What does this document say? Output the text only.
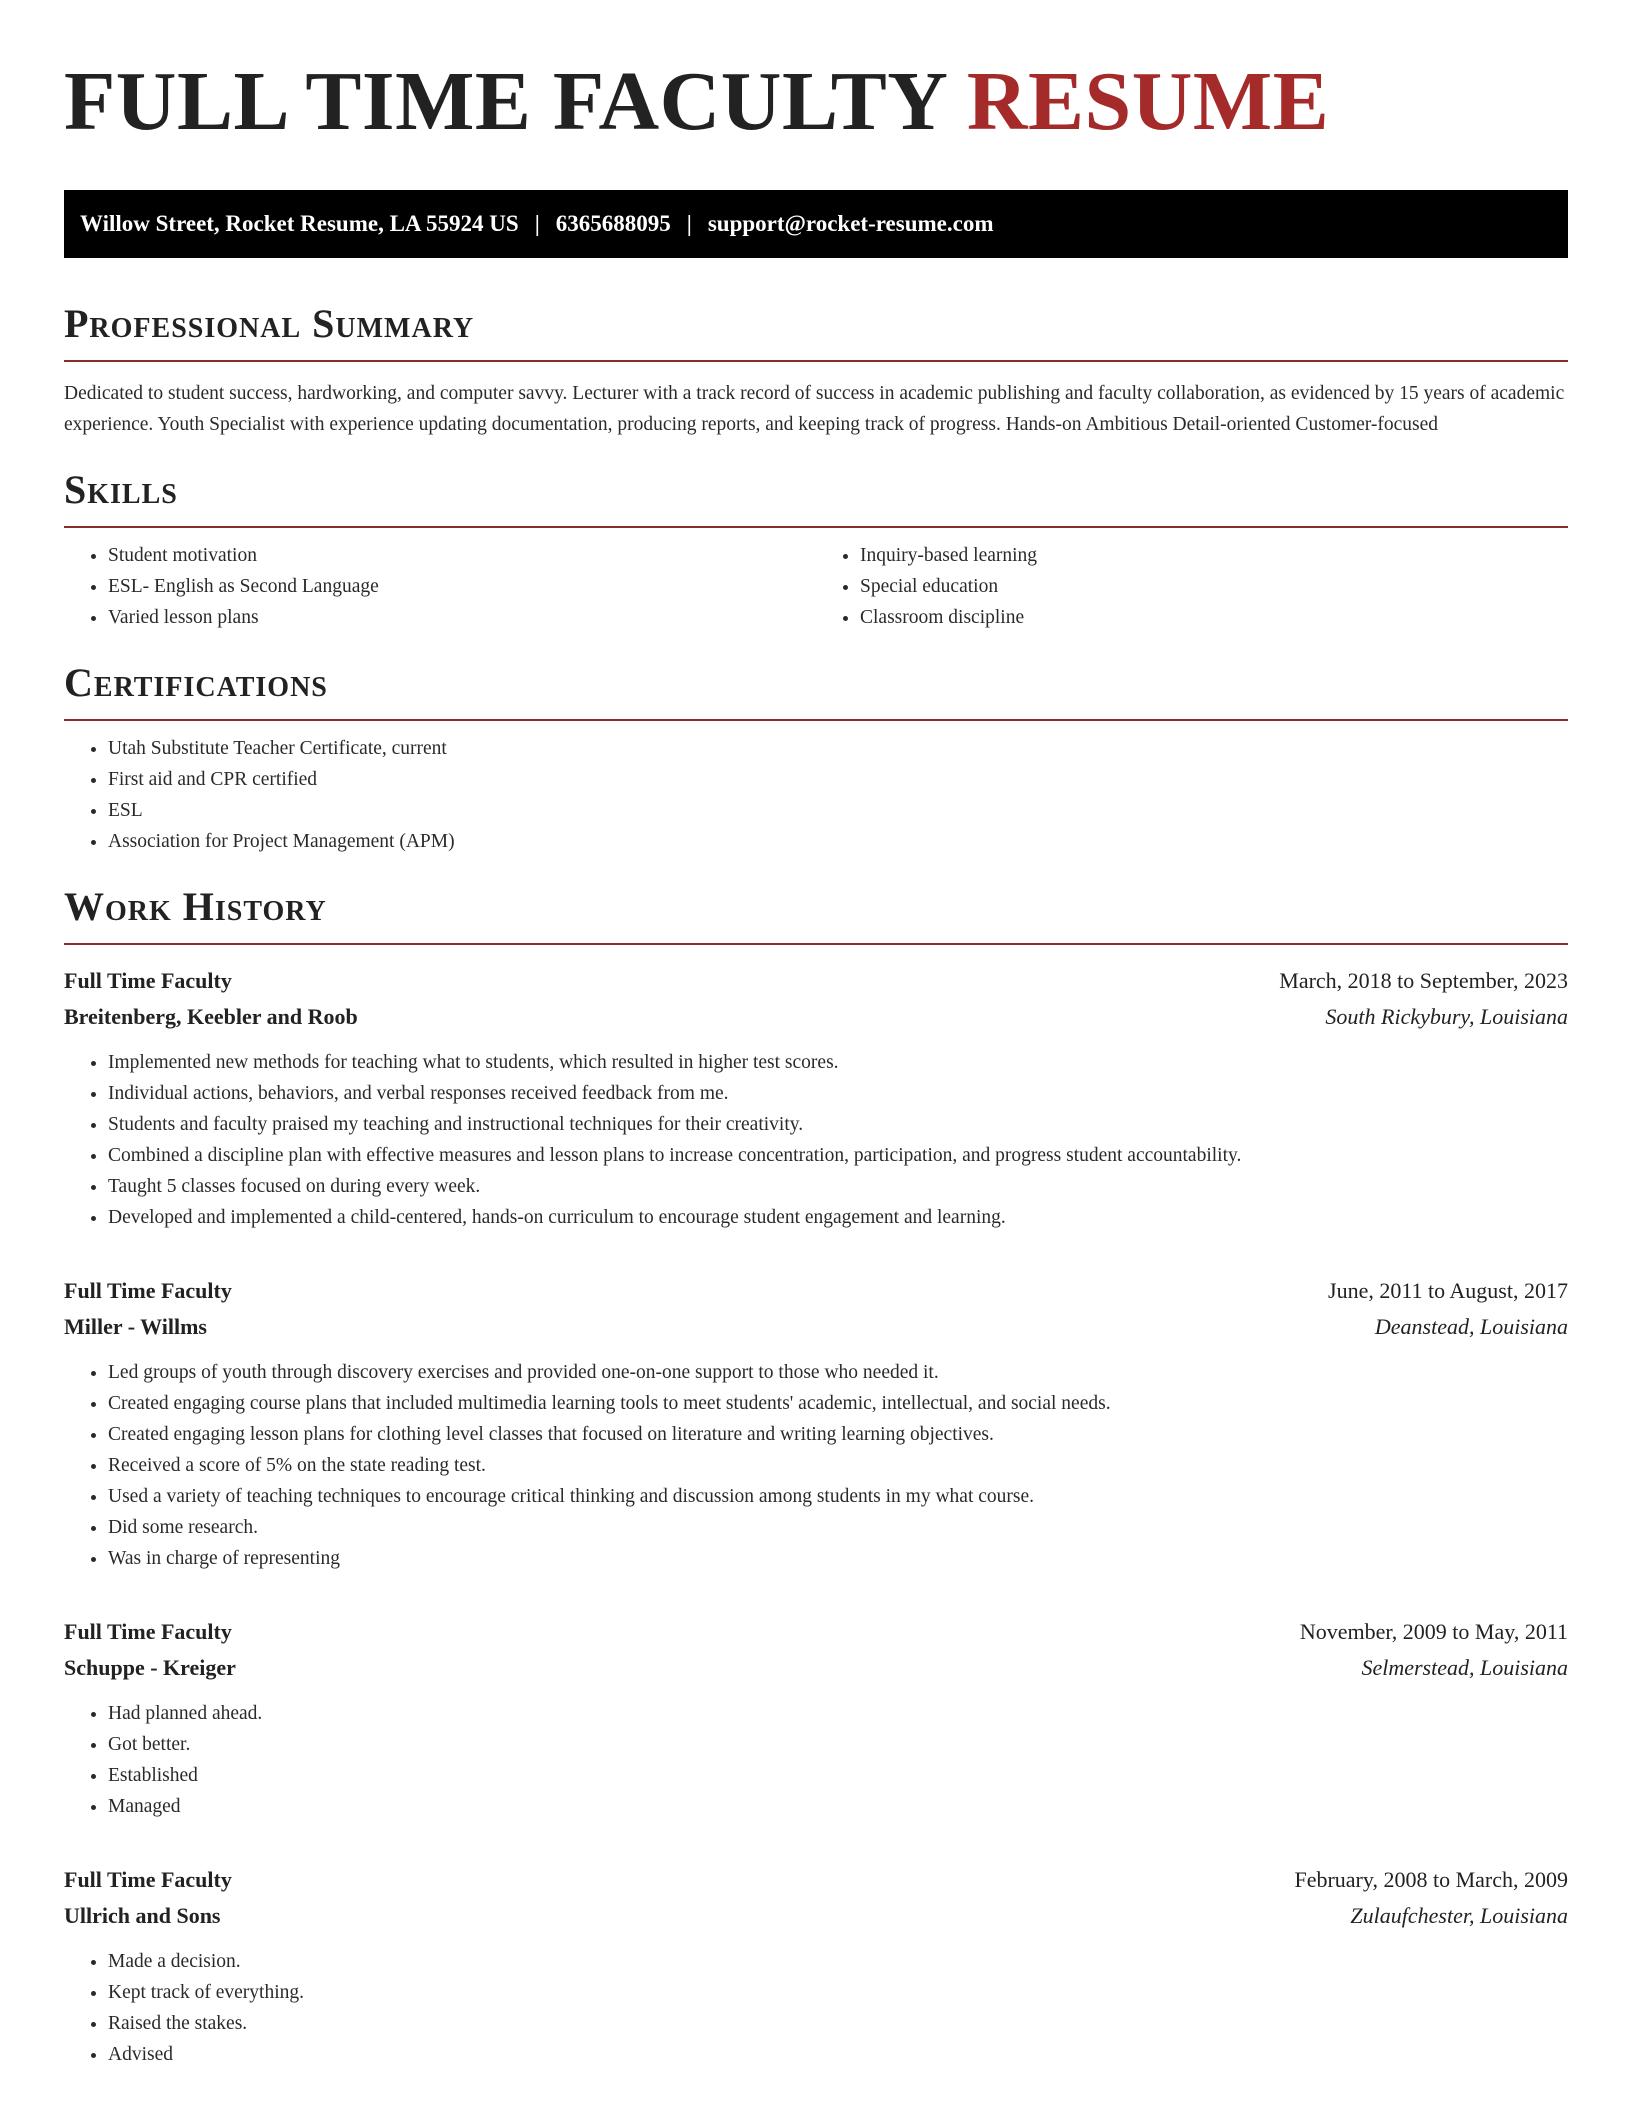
FULL TIME FACULTY RESUME
Willow Street, Rocket Resume, LA 55924 US | 6365688095 | support@rocket-resume.com
Professional Summary

Dedicated to student success, hardworking, and computer savvy. Lecturer with a track record of success in academic publishing and faculty collaboration, as evidenced by 15 years of academic experience. Youth Specialist with experience updating documentation, producing reports, and keeping track of progress. Hands-on Ambitious Detail-oriented Customer-focused

Skills
• Student motivation
• ESL- English as Second Language
• Varied lesson plans
• Inquiry-based learning
• Special education
• Classroom discipline
Certifications
• Utah Substitute Teacher Certificate, current
• First aid and CPR certified
• ESL
• Association for Project Management (APM)
Work History
Full Time Faculty	March, 2018 to September, 2023
Breitenberg, Keebler and Roob	South Rickybury, Louisiana
• Implemented new methods for teaching what to students, which resulted in higher test scores.
• Individual actions, behaviors, and verbal responses received feedback from me.
• Students and faculty praised my teaching and instructional techniques for their creativity.
• Combined a discipline plan with effective measures and lesson plans to increase concentration, participation, and progress student accountability.
• Taught 5 classes focused on during every week.
• Developed and implemented a child-centered, hands-on curriculum to encourage student engagement and learning.
Full Time Faculty	June, 2011 to August, 2017
Miller - Willms	Deanstead, Louisiana
• Led groups of youth through discovery exercises and provided one-on-one support to those who needed it.
• Created engaging course plans that included multimedia learning tools to meet students' academic, intellectual, and social needs.
• Created engaging lesson plans for clothing level classes that focused on literature and writing learning objectives.
• Received a score of 5% on the state reading test.
• Used a variety of teaching techniques to encourage critical thinking and discussion among students in my what course.
• Did some research.
• Was in charge of representing
Full Time Faculty	November, 2009 to May, 2011
Schuppe - Kreiger	Selmerstead, Louisiana
• Had planned ahead.
• Got better.
• Established
• Managed
Full Time Faculty	February, 2008 to March, 2009
Ullrich and Sons	Zulaufchester, Louisiana
• Made a decision.
• Kept track of everything.
• Raised the stakes.
• Advised
